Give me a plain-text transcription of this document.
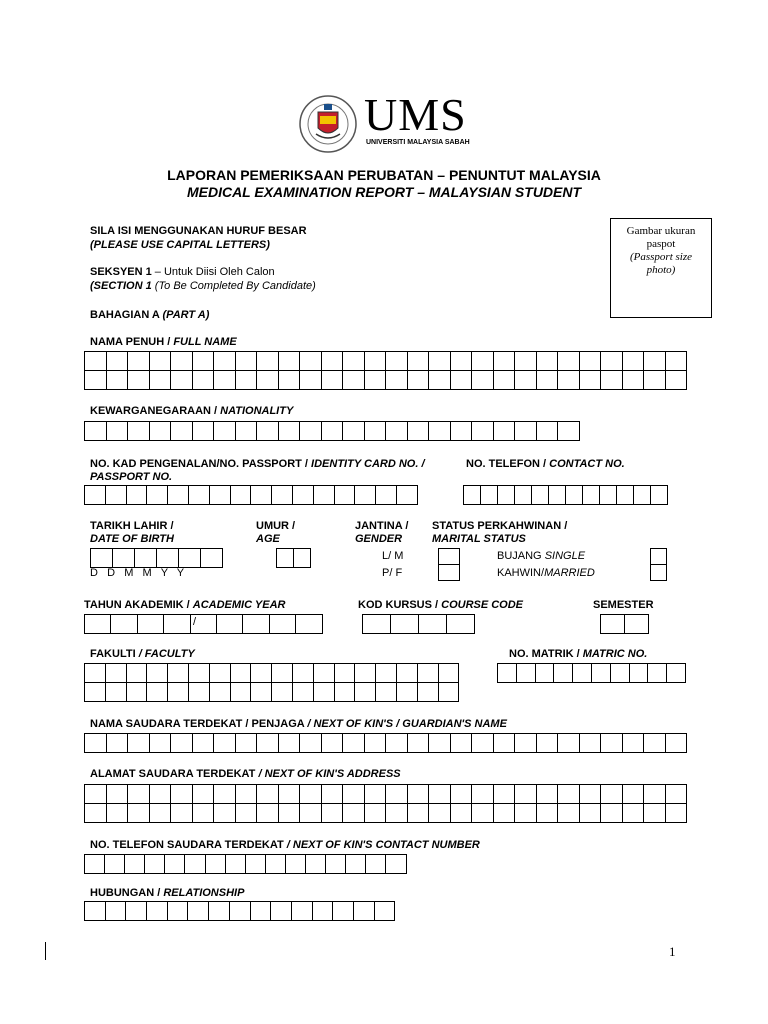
UMS
UNIVERSITI MALAYSIA SABAH
LAPORAN PEMERIKSAAN PERUBATAN – PENUNTUT MALAYSIA
MEDICAL EXAMINATION REPORT – MALAYSIAN STUDENT
Gambar ukuran
paspot
(Passport size
photo)
SILA ISI MENGGUNAKAN HURUF BESAR
(PLEASE USE CAPITAL LETTERS)
SEKSYEN 1 – Untuk Diisi Oleh Calon
(SECTION 1 (To Be Completed By Candidate)
BAHAGIAN A (PART A)
NAMA PENUH / FULL NAME
KEWARGANEGARAAN / NATIONALITY
NO. KAD PENGENALAN/NO. PASSPORT / IDENTITY CARD NO. /
PASSPORT NO.
NO. TELEFON / CONTACT NO.
TARIKH LAHIR /
DATE OF BIRTH
D   D   M   M   Y   Y
UMUR /
AGE
JANTINA /
GENDER
L/ M
P/ F
STATUS PERKAHWINAN /
MARITAL STATUS
BUJANG SINGLE
KAHWIN/MARRIED
TAHUN AKADEMIK / ACADEMIC YEAR
/
KOD KURSUS / COURSE CODE	SEMESTER
FAKULTI / FACULTY	NO. MATRIK / MATRIC NO.
NAMA SAUDARA TERDEKAT / PENJAGA / NEXT OF KIN'S / GUARDIAN'S NAME
ALAMAT SAUDARA TERDEKAT / NEXT OF KIN'S ADDRESS
NO. TELEFON SAUDARA TERDEKAT / NEXT OF KIN'S CONTACT NUMBER
HUBUNGAN / RELATIONSHIP
1
